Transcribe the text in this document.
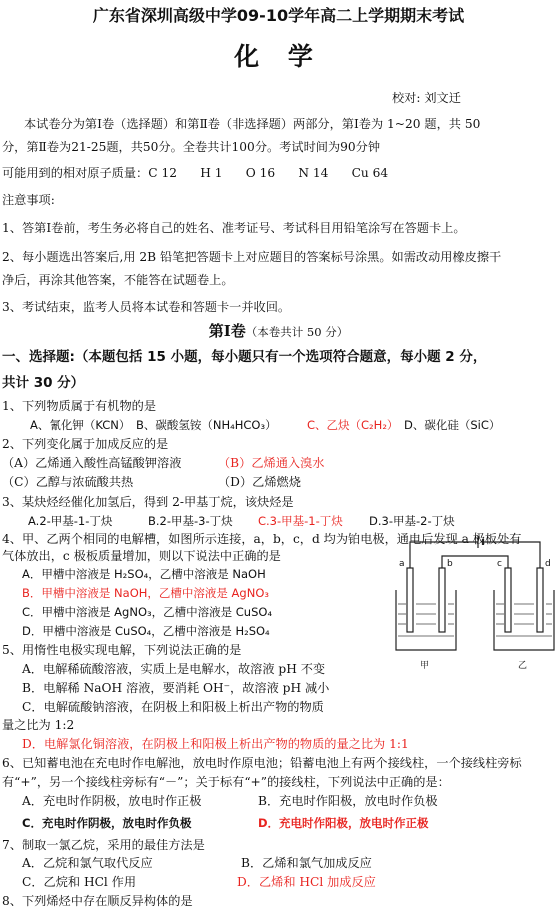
广东省深圳高级中学09-10学年高二上学期期末考试
化 学
校对: 刘文迁
本试卷分为第Ⅰ卷（选择题）和第Ⅱ卷（非选择题）两部分，第Ⅰ卷为 1~20 题，共 50
分，第Ⅱ卷为21-25题，共50分。全卷共计100分。考试时间为90分钟
可能用到的相对原子质量：C 12      H 1      O 16      N 14      Cu 64
注意事项:
1、答第Ⅰ卷前，考生务必将自己的姓名、准考证号、考试科目用铅笔涂写在答题卡上。
2、每小题选出答案后,用 2B 铅笔把答题卡上对应题目的答案标号涂黑。如需改动用橡皮擦干
净后，再涂其他答案，不能答在试题卷上。
3、考试结束，监考人员将本试卷和答题卡一并收回。
第Ⅰ卷（本卷共计 50 分）
一、选择题:（本题包括 15 小题，每小题只有一个选项符合题意，每小题 2 分，
共计 30 分）
1、下列物质属于有机物的是
A、氰化钾（KCN） B、碳酸氢铵（NH₄HCO₃）	C、乙炔（C₂H₂） D、碳化硅（SiC）
2、下列变化属于加成反应的是
（A）乙烯通入酸性高锰酸钾溶液	（B）乙烯通入溴水
（C）乙醇与浓硫酸共热	（D）乙烯燃烧
3、某炔烃经催化加氢后，得到 2-甲基丁烷，该炔烃是
A.2-甲基-1-丁炔	B.2-甲基-3-丁炔 C.3-甲基-1-丁炔 D.3-甲基-2-丁炔
4、甲、乙两个相同的电解槽，如图所示连接，a，b，c，d 均为铂电极，通电后发现 a 极板处有
气体放出，c 极板质量增加，则以下说法中正确的是
A．甲槽中溶液是 H₂SO₄，乙槽中溶液是 NaOH
B．甲槽中溶液是 NaOH，乙槽中溶液是 AgNO₃
C．甲槽中溶液是 AgNO₃，乙槽中溶液是 CuSO₄
D．甲槽中溶液是 CuSO₄，乙槽中溶液是 H₂SO₄
5、用惰性电极实现电解，下列说法正确的是
A．电解稀硫酸溶液，实质上是电解水，故溶液 pH 不变
B．电解稀 NaOH 溶液，要消耗 OH⁻，故溶液 pH 减小
C．电解硫酸钠溶液，在阴极上和阳极上析出产物的物质
量之比为 1:2
D．电解氯化铜溶液，在阴极上和阳极上析出产物的物质的量之比为 1:1
6、已知蓄电池在充电时作电解池，放电时作原电池；铅蓄电池上有两个接线柱，一个接线柱旁标
有“+”，另一个接线柱旁标有“－”；关于标有“+”的接线柱，下列说法中正确的是：
A．充电时作阴极，放电时作正极	B．充电时作阳极，放电时作负极
C．充电时作阴极，放电时作负极	D．充电时作阳极，放电时作正极
7、制取一氯乙烷，采用的最佳方法是
A．乙烷和氯气取代反应	B．乙烯和氯气加成反应
C．乙烷和 HCl 作用	D．乙烯和 HCl 加成反应
8、下列烯烃中存在顺反异构体的是
a	b	c	d
甲	乙
